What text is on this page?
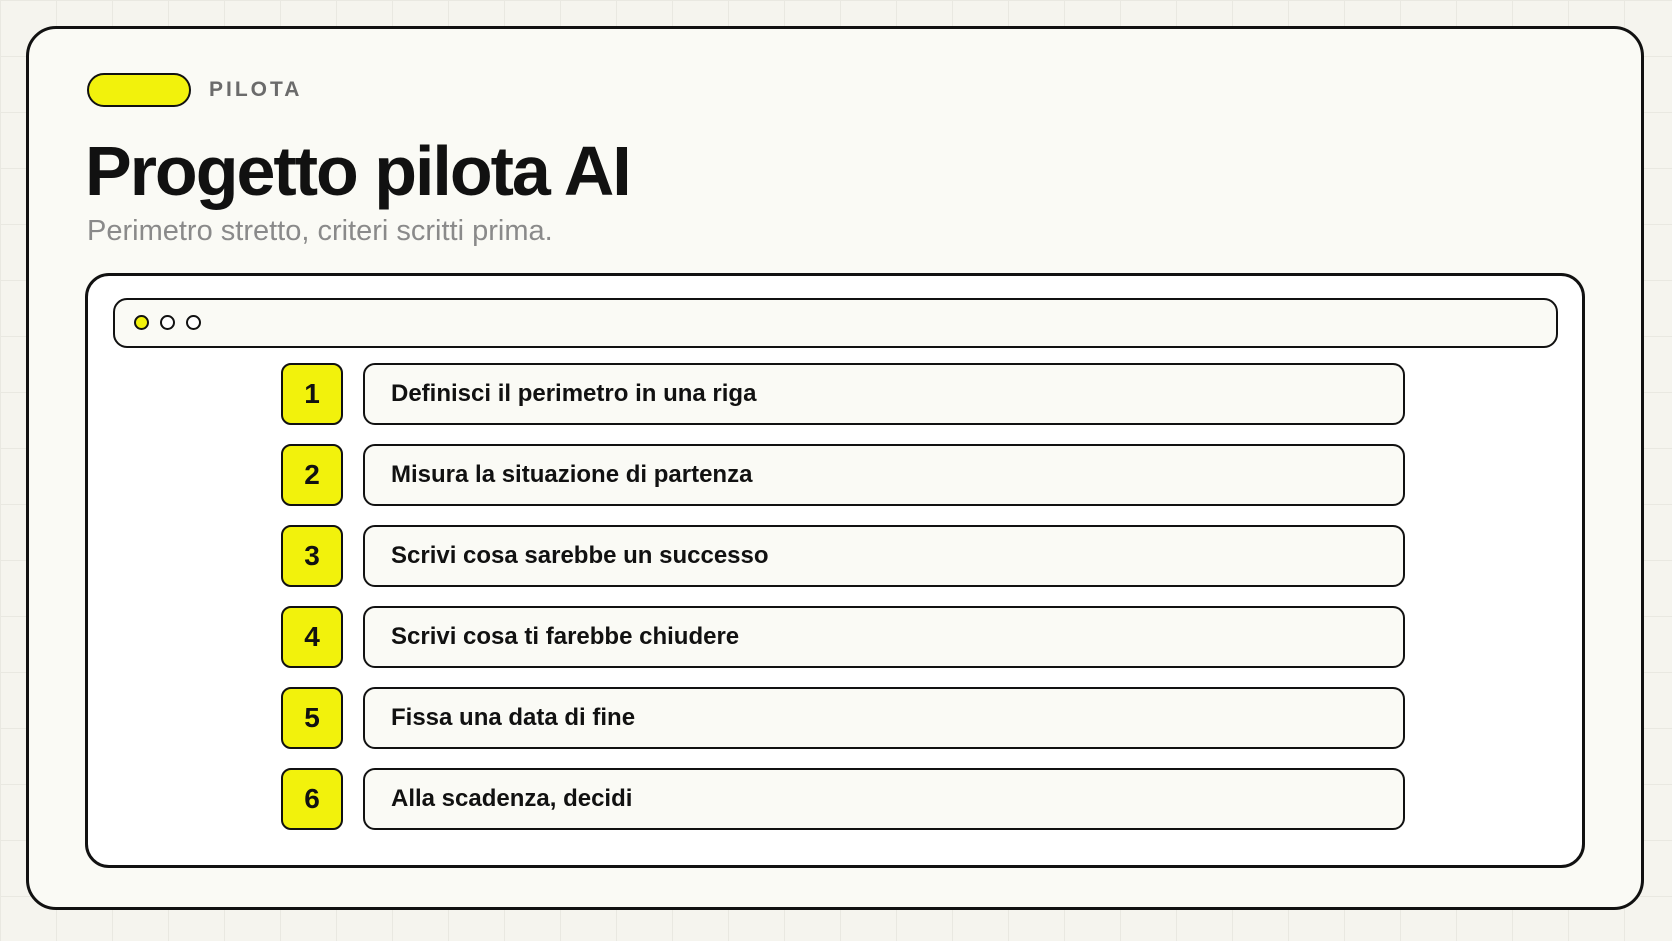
PILOTA
Progetto pilota AI

Perimetro stretto, criteri scritti prima.

1	Definisci il perimetro in una riga
2	Misura la situazione di partenza
3	Scrivi cosa sarebbe un successo
4	Scrivi cosa ti farebbe chiudere
5	Fissa una data di fine
6	Alla scadenza, decidi
